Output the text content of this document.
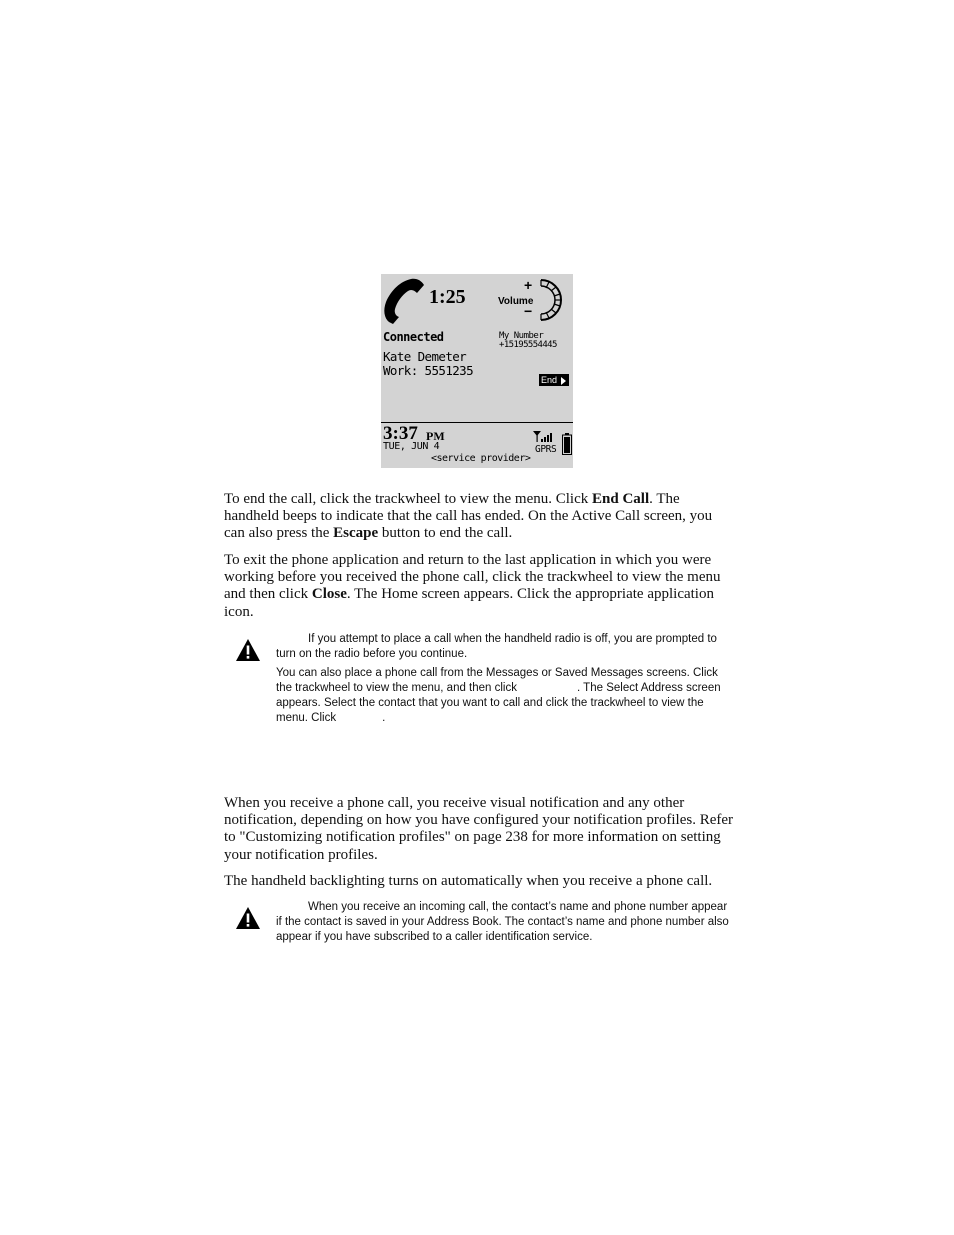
1:25
+
Volume
−
Connected
Kate Demeter
Work: 5551235
My Number
+15195554445
End
3:37 PM
TUE, JUN 4
<service provider>
GPRS

To end the call, click the trackwheel to view the menu. Click End Call. The handheld beeps to indicate that the call has ended. On the Active Call screen, you can also press the Escape button to end the call.

To exit the phone application and return to the last application in which you were working before you received the phone call, click the trackwheel to view the menu and then click Close. The Home screen appears. Click the appropriate application icon.

If you attempt to place a call when the handheld radio is off, you are prompted to turn on the radio before you continue.

You can also place a phone call from the Messages or Saved Messages screens. Click the trackwheel to view the menu, and then click	. The Select Address screen appears. Select the contact that you want to call and click the trackwheel to view the menu. Click	.

When you receive a phone call, you receive visual notification and any other notification, depending on how you have configured your notification profiles. Refer to "Customizing notification profiles" on page 238 for more information on setting your notification profiles.

The handheld backlighting turns on automatically when you receive a phone call.

When you receive an incoming call, the contact’s name and phone number appear if the contact is saved in your Address Book. The contact’s name and phone number also appear if you have subscribed to a caller identification service.
